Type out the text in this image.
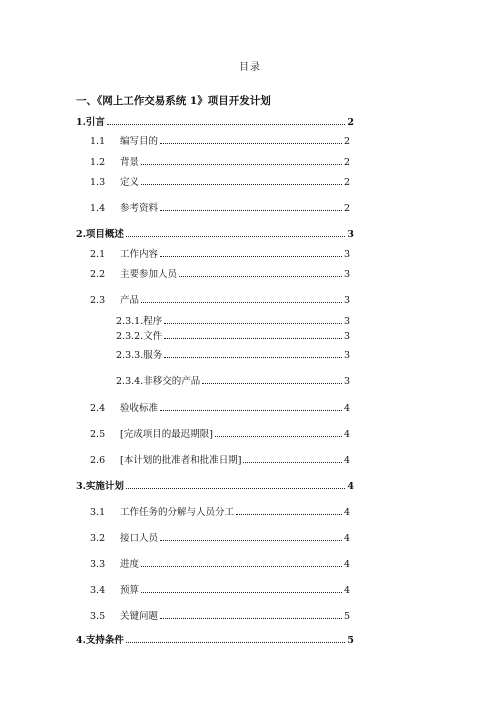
目录
一、《网上工作交易系统 1》项目开发计划
1.引言	2
1.1	编写目的	2
1.2	背景	2
1.3	定义	2
1.4	参考资料	2
2.项目概述	3
2.1	工作内容	3
2.2	主要参加人员	3
2.3	产品	3
2.3.1.程序	3
2.3.2.文件	3
2.3.3.服务	3
2.3.4.非移交的产品	3
2.4	验收标准	4
2.5	[完成项目的最迟期限]	4
2.6	[本计划的批准者和批准日期]	4
3.实施计划	4
3.1	工作任务的分解与人员分工	4
3.2	接口人员	4
3.3	进度	4
3.4	预算	4
3.5	关键问题	5
4.支持条件	5
